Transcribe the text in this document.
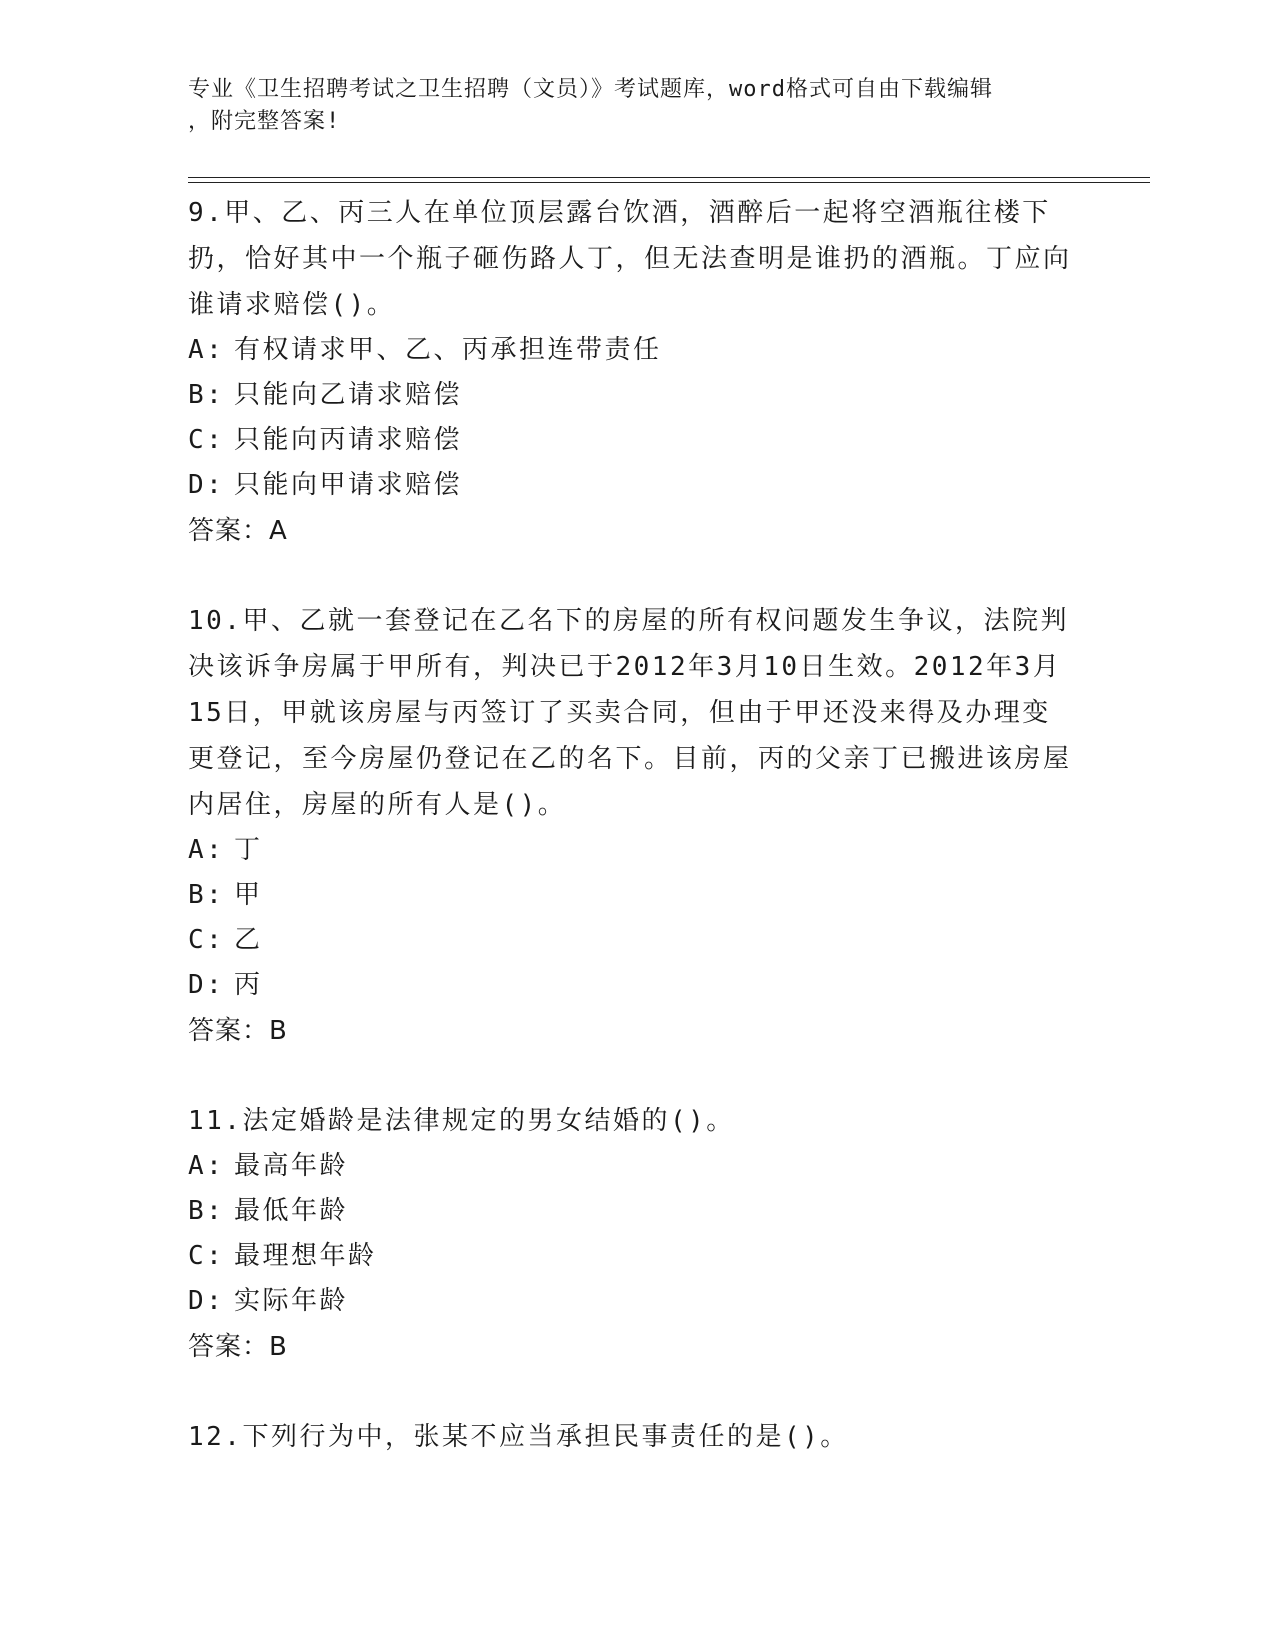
专业《卫生招聘考试之卫生招聘（文员）》考试题库，word格式可自由下载编辑
，附完整答案!
9.甲、乙、丙三人在单位顶层露台饮酒，酒醉后一起将空酒瓶往楼下扔，恰好其中一个瓶子砸伤路人丁，但无法查明是谁扔的酒瓶。丁应向谁请求赔偿()。
A: 有权请求甲、乙、丙承担连带责任
B: 只能向乙请求赔偿
C: 只能向丙请求赔偿
D: 只能向甲请求赔偿
答案：A
10.甲、乙就一套登记在乙名下的房屋的所有权问题发生争议，法院判决该诉争房属于甲所有，判决已于2012年3月10日生效。2012年3月15日，甲就该房屋与丙签订了买卖合同，但由于甲还没来得及办理变更登记，至今房屋仍登记在乙的名下。目前，丙的父亲丁已搬进该房屋内居住，房屋的所有人是()。
A: 丁
B: 甲
C: 乙
D: 丙
答案：B
11.法定婚龄是法律规定的男女结婚的()。
A: 最高年龄
B: 最低年龄
C: 最理想年龄
D: 实际年龄
答案：B
12.下列行为中，张某不应当承担民事责任的是()。
